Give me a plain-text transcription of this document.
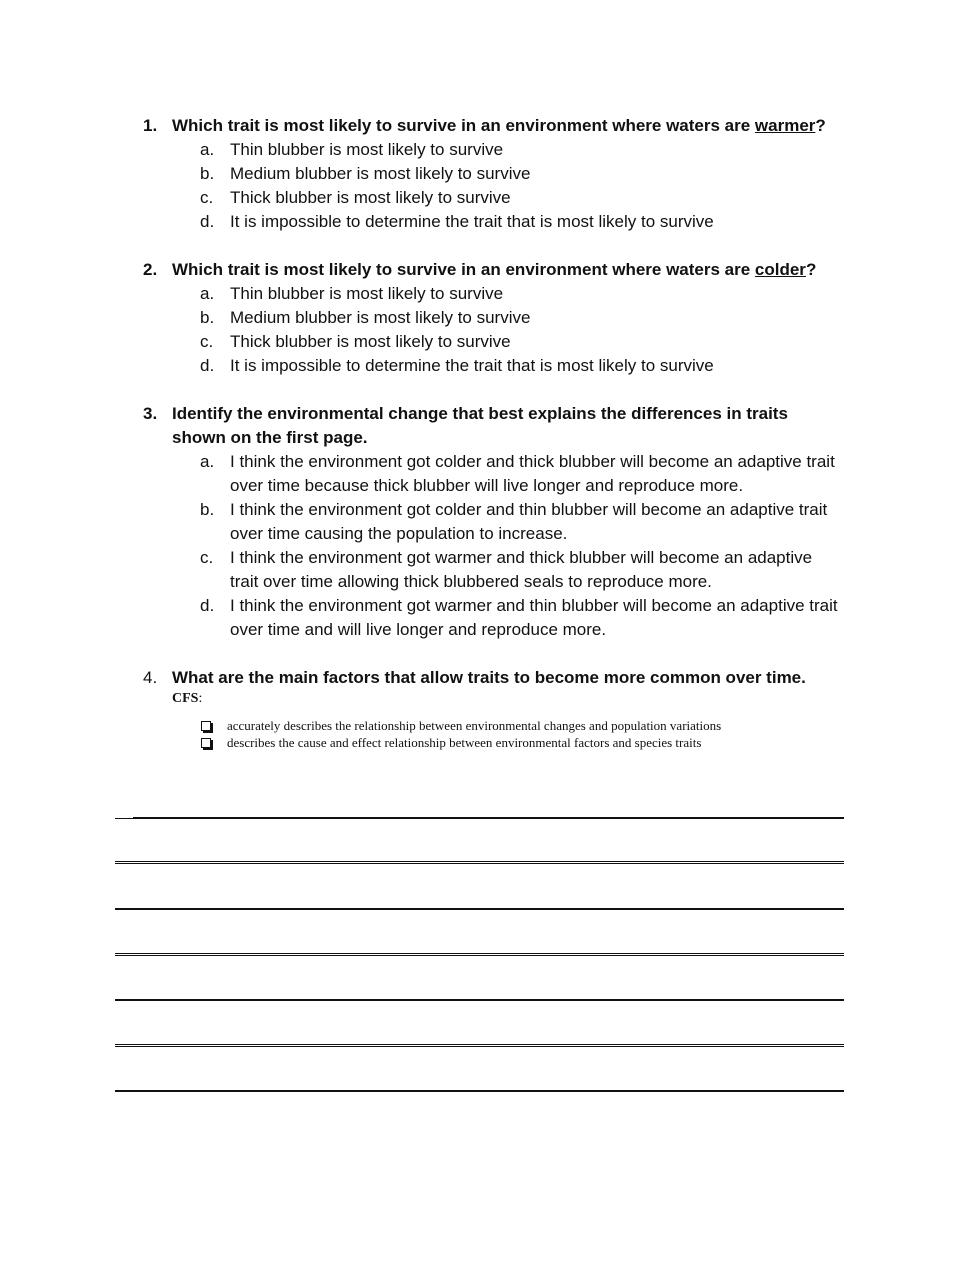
1. Which trait is most likely to survive in an environment where waters are warmer?
a. Thin blubber is most likely to survive
b. Medium blubber is most likely to survive
c. Thick blubber is most likely to survive
d. It is impossible to determine the trait that is most likely to survive
2. Which trait is most likely to survive in an environment where waters are colder?
a. Thin blubber is most likely to survive
b. Medium blubber is most likely to survive
c. Thick blubber is most likely to survive
d. It is impossible to determine the trait that is most likely to survive
3. Identify the environmental change that best explains the differences in traits shown on the first page.
a. I think the environment got colder and thick blubber will become an adaptive trait over time because thick blubber will live longer and reproduce more.
b. I think the environment got colder and thin blubber will become an adaptive trait over time causing the population to increase.
c. I think the environment got warmer and thick blubber will become an adaptive trait over time allowing thick blubbered seals to reproduce more.
d. I think the environment got warmer and thin blubber will become an adaptive trait over time and will live longer and reproduce more.
4. What are the main factors that allow traits to become more common over time.
CFS:
accurately describes the relationship between environmental changes and population variations
describes the cause and effect relationship between environmental factors and species traits
